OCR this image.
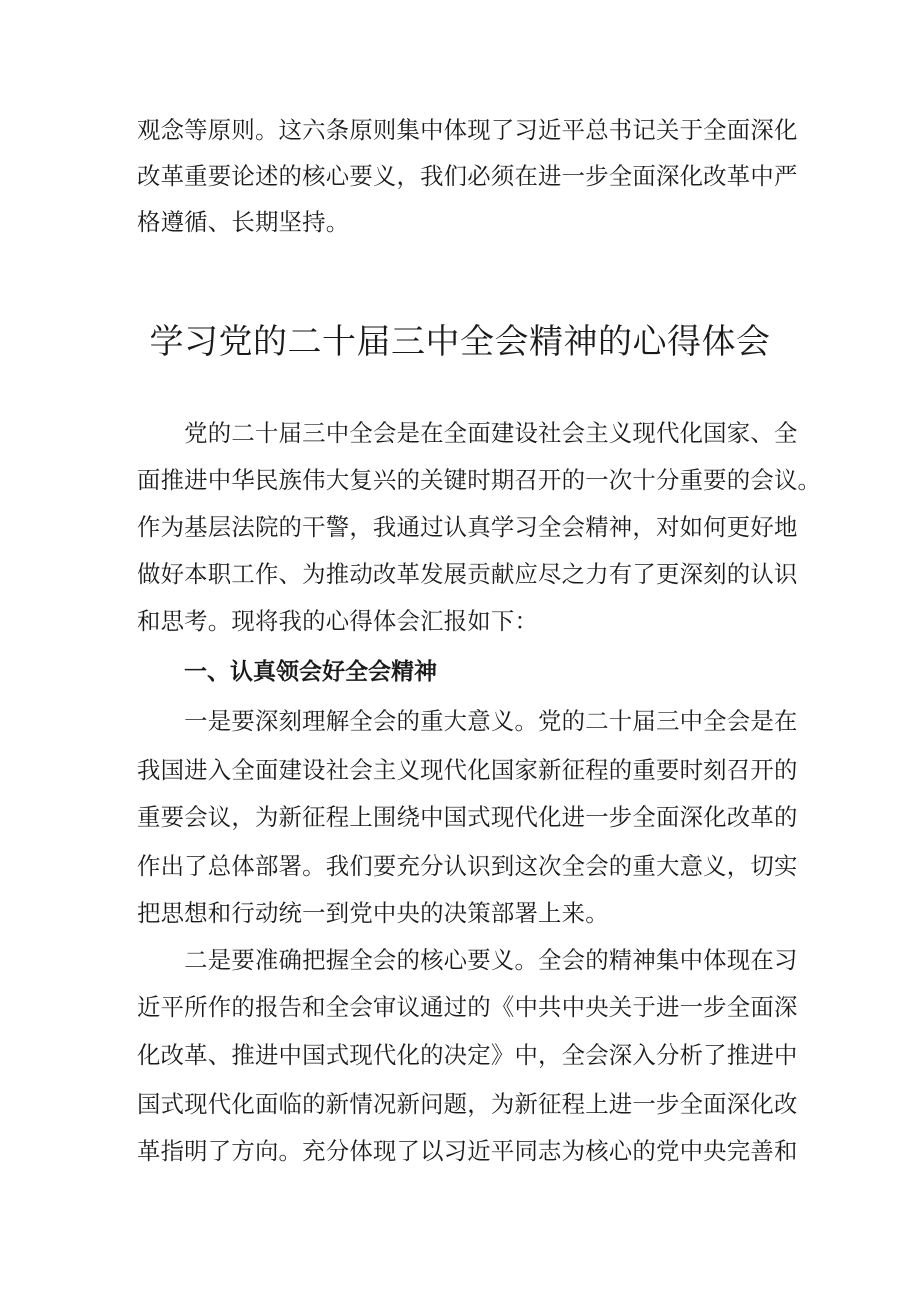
观念等原则。这六条原则集中体现了习近平总书记关于全面深化

改革重要论述的核心要义，我们必须在进一步全面深化改革中严

格遵循、长期坚持。

学习党的二十届三中全会精神的心得体会

　　党的二十届三中全会是在全面建设社会主义现代化国家、全

面推进中华民族伟大复兴的关键时期召开的一次十分重要的会议。

作为基层法院的干警，我通过认真学习全会精神，对如何更好地

做好本职工作、为推动改革发展贡献应尽之力有了更深刻的认识

和思考。现将我的心得体会汇报如下：

一、认真领会好全会精神

　　一是要深刻理解全会的重大意义。党的二十届三中全会是在

我国进入全面建设社会主义现代化国家新征程的重要时刻召开的

重要会议，为新征程上围绕中国式现代化进一步全面深化改革的

作出了总体部署。我们要充分认识到这次全会的重大意义，切实

把思想和行动统一到党中央的决策部署上来。

　　二是要准确把握全会的核心要义。全会的精神集中体现在习

近平所作的报告和全会审议通过的《中共中央关于进一步全面深

化改革、推进中国式现代化的决定》中，全会深入分析了推进中

国式现代化面临的新情况新问题，为新征程上进一步全面深化改

革指明了方向。充分体现了以习近平同志为核心的党中央完善和
